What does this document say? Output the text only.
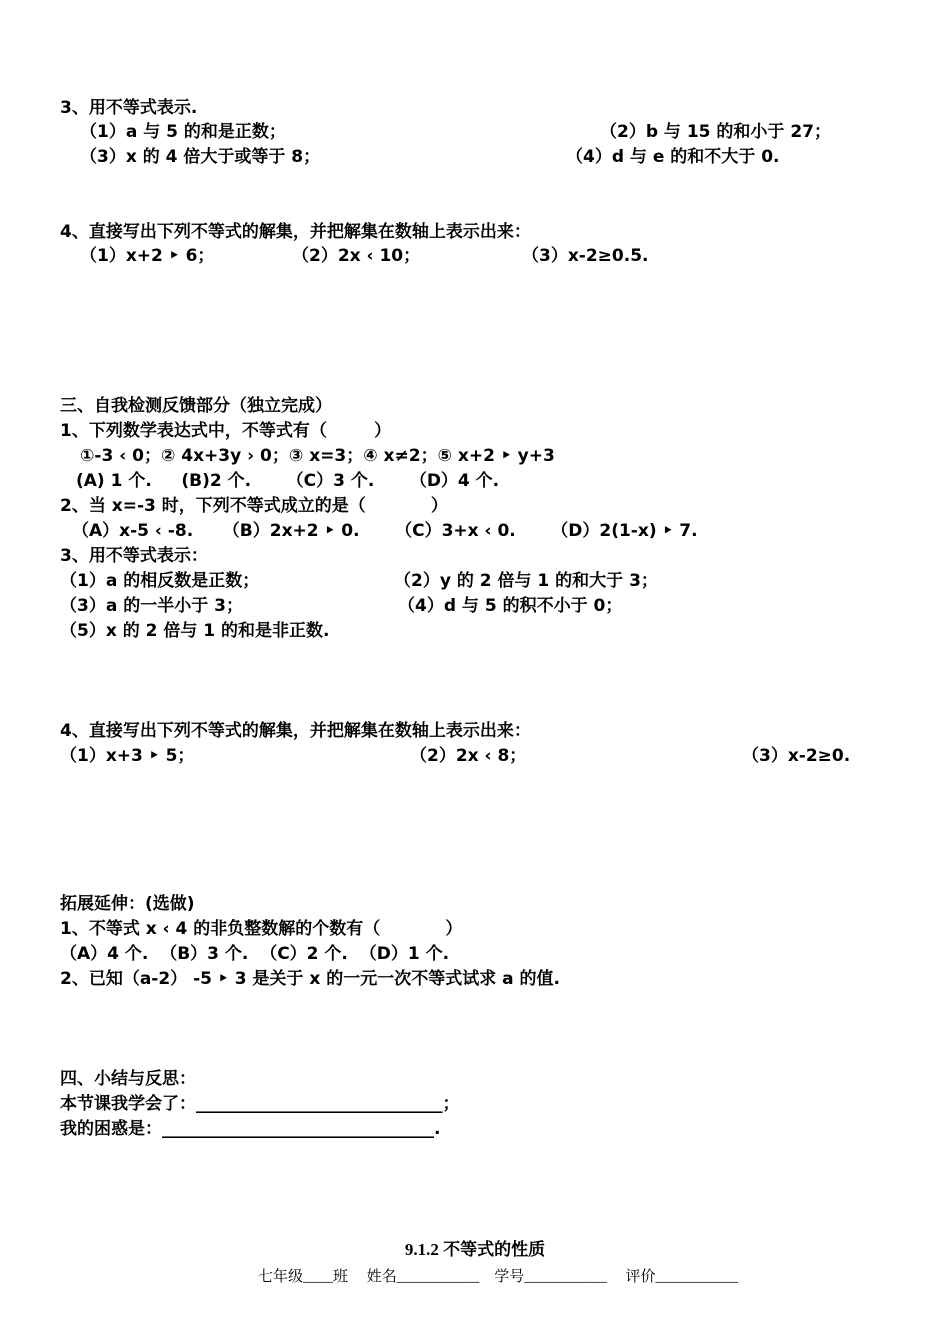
3、用不等式表示.
（1）a 与 5 的和是正数；	（2）b 与 15 的和小于 27；
（3）x 的 4 倍大于或等于 8；	（4）d 与 e 的和不大于 0.
4、直接写出下列不等式的解集，并把解集在数轴上表示出来：
（1）x+2 ‣ 6；	（2）2x ‹ 10；	（3）x-2≥0.5.
三、自我检测反馈部分（独立完成）
1、下列数学表达式中，不等式有（        ）
①-3 ‹ 0；② 4x+3y › 0；③ x=3；④ x≠2；⑤ x+2 ‣ y+3
(A) 1 个.     (B)2 个.      （C）3 个.      （D）4 个.
2、当 x=-3 时，下列不等式成立的是（           ）
（A）x-5 ‹ -8.     （B）2x+2 ‣ 0.      （C）3+x ‹ 0.      （D）2(1-x) ‣ 7.
3、用不等式表示：
（1）a 的相反数是正数；	（2）y 的 2 倍与 1 的和大于 3；
（3）a 的一半小于 3；	（4）d 与 5 的积不小于 0；
（5）x 的 2 倍与 1 的和是非正数.
4、直接写出下列不等式的解集，并把解集在数轴上表示出来：
（1）x+3 ‣ 5；	（2）2x ‹ 8；	（3）x-2≥0.
拓展延伸：(选做)
1、不等式 x ‹ 4 的非负整数解的个数有（           ）
（A）4 个.  （B）3 个.  （C）2 个.  （D）1 个.
2、已知（a-2） -5 ‣ 3 是关于 x 的一元一次不等式试求 a 的值.
四、小结与反思：
本节课我学会了：_____________________________；
我的困惑是：________________________________.
9.1.2 不等式的性质
七年级____班     姓名___________    学号___________     评价___________
